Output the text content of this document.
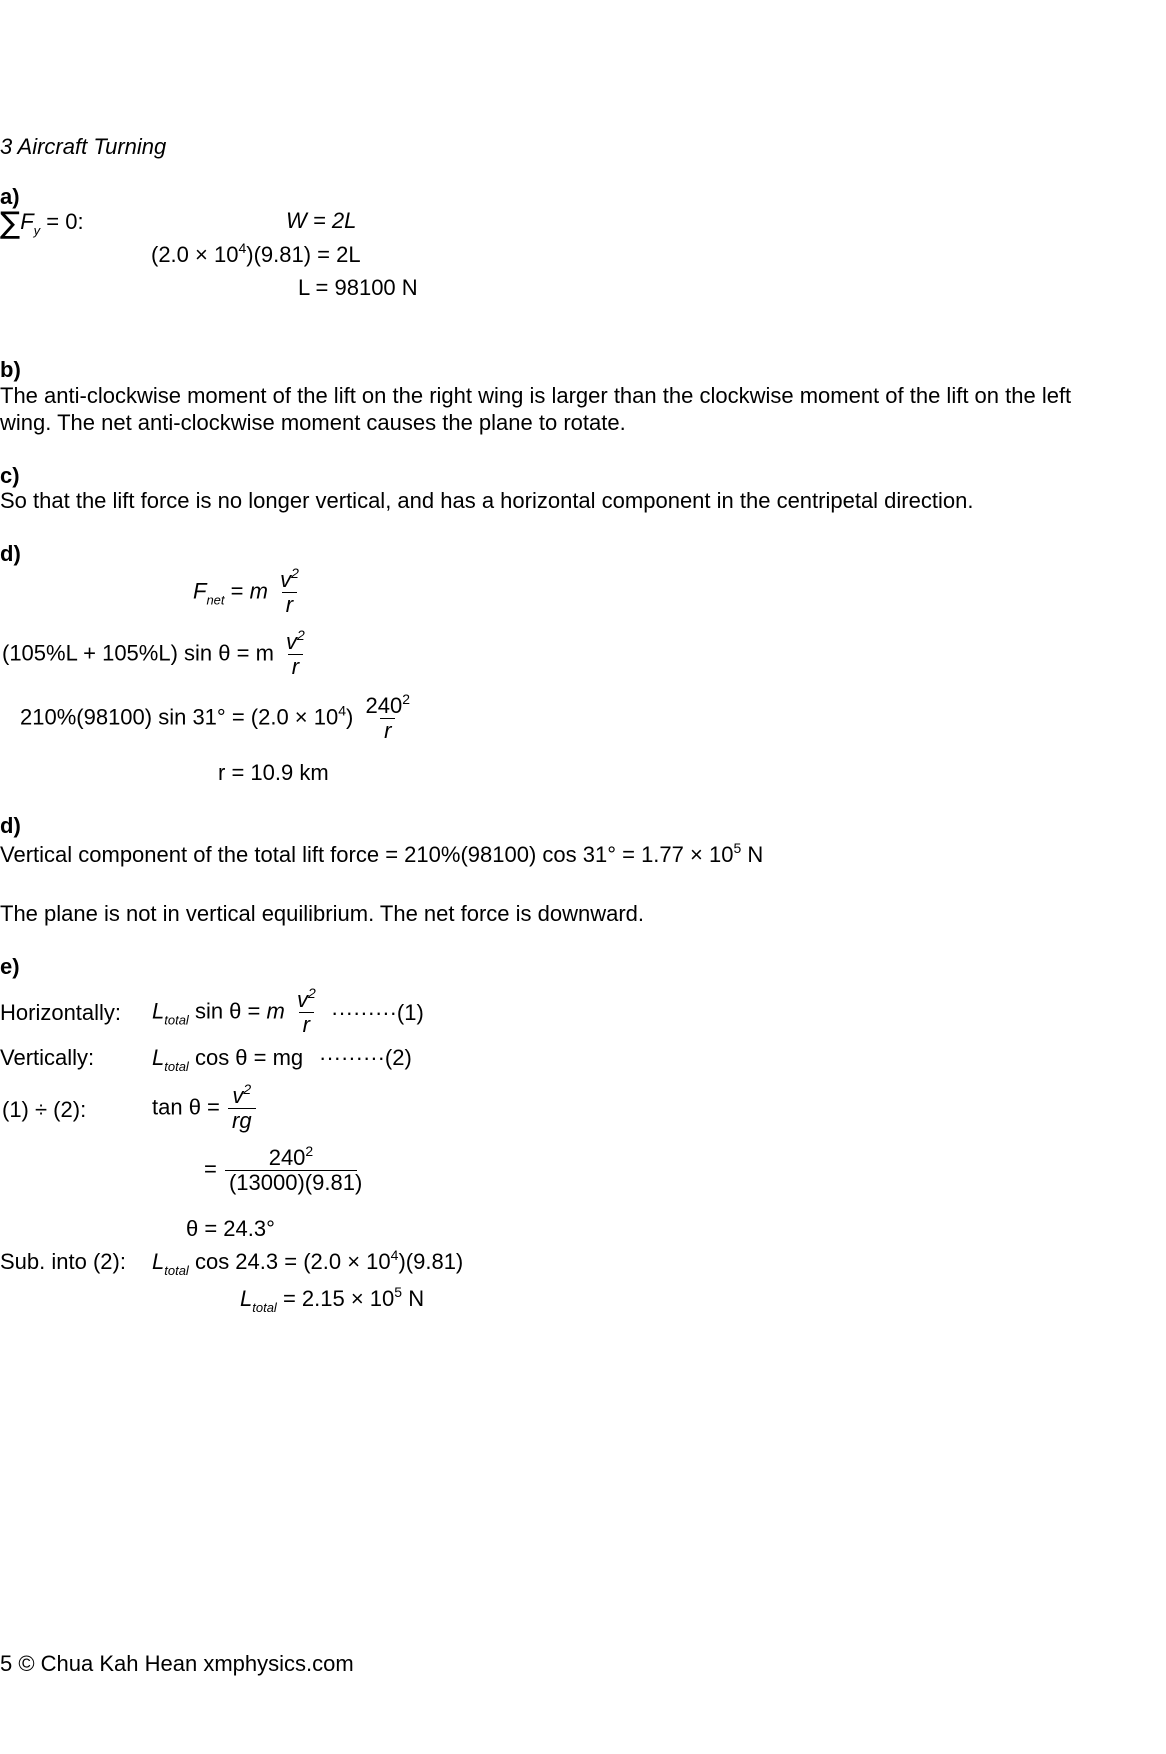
3 Aircraft Turning
a)
$\sum F_y = 0$:	W = 2L
$(2.0 \times 10^4)(9.81) = 2L$
L = 98100 N
b)
The anti-clockwise moment of the lift on the right wing is larger than the clockwise moment of the lift on the left wing. The net anti-clockwise moment causes the plane to rotate.
c)
So that the lift force is no longer vertical, and has a horizontal component in the centripetal direction.
d)
$F_{net} = m \frac{v^2}{r}$
(105%L + 105%L) sin θ = m $\frac{v^2}{r}$
210%(98100) $\sin 31^\circ = (2.0 \times 10^4) \frac{240^2}{r}$
r = 10.9 km
d)
Vertical component of the total lift force = 210%(98100) $\cos 31^\circ = 1.77 \times 10^5$ N
The plane is not in vertical equilibrium. The net force is downward.
e)
Horizontally: $L_{total}$ sin θ = m $\frac{v^2}{r} \cdot\cdot\cdot\cdot\cdot\cdot\cdot\cdot\cdot(1)$
Vertically:	$L_{total}$ cos θ = mg ·········(2)
(1) ÷ (2):	$\tan \theta = \frac{v^2}{rg}$
= $\frac{240^2}{(13000)(9.81)}$
θ = 24.3°
Sub. into (2): $L_{total}$ $\cos 24.3 = (2.0 \times 10^4)(9.81)$
$L_{total} = 2.15 \times 10^5$ N
5 © Chua Kah Hean xmphysics.com
